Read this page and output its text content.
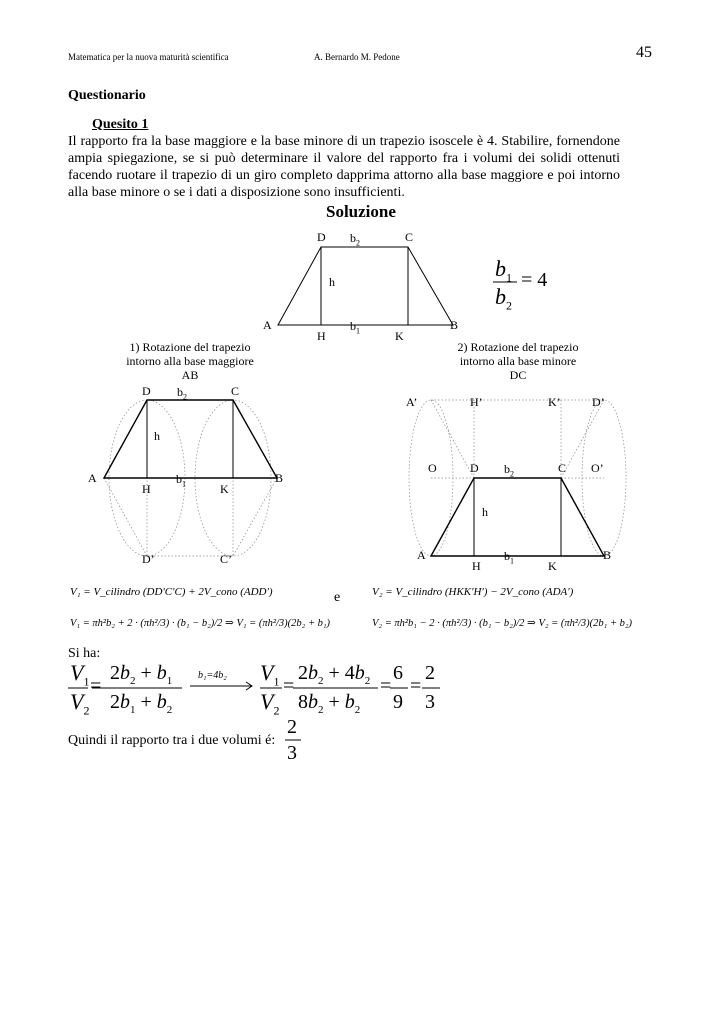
Matematica per la nuova maturità scientifica	A. Bernardo M. Pedone	45
Questionario
Quesito 1
Il rapporto fra la base maggiore e la base minore di un trapezio isoscele è 4. Stabilire, fornendone ampia spiegazione, se si può determinare il valore del rapporto fra i volumi dei solidi ottenuti facendo ruotare il trapezio di un giro completo dapprima attorno alla base maggiore e poi intorno alla base minore o se i dati a disposizione sono insufficienti.
Soluzione
D $b_2$	C
h
A	$b_1$	B
H	K
$b_1$
$b_2$
= 4
1) Rotazione del trapezio
intorno alla base maggiore
AB
2) Rotazione del trapezio
intorno alla base minore
DC
D $b_2$	C
h
A	$b_1$	B
H	K
D’	C’
A’	H’	K’	D’
O	D $b_2$	C O’
h
A	$b_1$	B
H	K
V₁ = V_cilindro (DD'C'C) + 2V_cono (ADD')	e	V₂ = V_cilindro (HKK'H') − 2V_cono (ADA')
V₁ = πh²b₂ + 2 · (πh²/3) · (b₁ − b₂)/2 ⇒ V₁ = (πh²/3)(2b₂ + b₁)	V₂ = πh²b₁ − 2 · (πh²/3) · (b₁ − b₂)/2 ⇒ V₂ = (πh²/3)(2b₁ + b₂)
Si ha:
$V_1$
$V_2$
=
$2b_2 + b_1$
$2b_1 + b_2$
b₁=4b₂ $V_1$
$V_2$
=
$2b_2 + 4b_2$
$8b_2 + b_2$
=
6
9
=
2
3
Quindi il rapporto tra i due volumi é:
2
3
